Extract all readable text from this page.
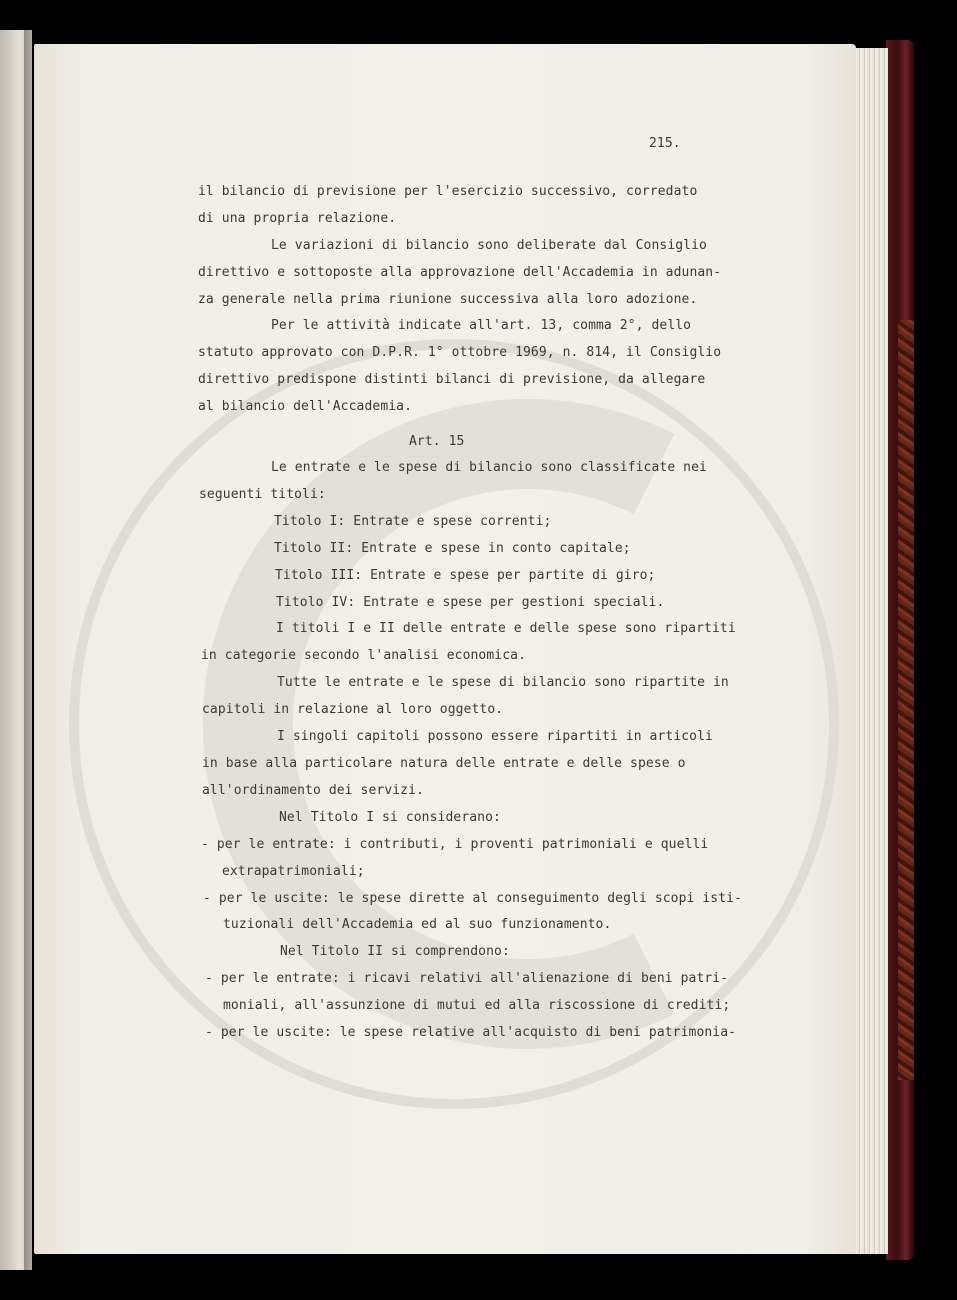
215.
il bilancio di previsione per l'esercizio successivo, corredato
di una propria relazione.
Le variazioni di bilancio sono deliberate dal Consiglio
direttivo e sottoposte alla approvazione dell'Accademia in adunan-
za generale nella prima riunione successiva alla loro adozione.
Per le attività indicate all'art. 13, comma 2°, dello
statuto approvato con D.P.R. 1° ottobre 1969, n. 814, il Consiglio
direttivo predispone distinti bilanci di previsione, da allegare
al bilancio dell'Accademia.
Art. 15
Le entrate e le spese di bilancio sono classificate nei
seguenti titoli:
Titolo I: Entrate e spese correnti;
Titolo II: Entrate e spese in conto capitale;
Titolo III: Entrate e spese per partite di giro;
Titolo IV: Entrate e spese per gestioni speciali.
I titoli I e II delle entrate e delle spese sono ripartiti
in categorie secondo l'analisi economica.
Tutte le entrate e le spese di bilancio sono ripartite in
capitoli in relazione al loro oggetto.
I singoli capitoli possono essere ripartiti in articoli
in base alla particolare natura delle entrate e delle spese o
all'ordinamento dei servizi.
Nel Titolo I si considerano:
- per le entrate: i contributi, i proventi patrimoniali e quelli
extrapatrimoniali;
- per le uscite: le spese dirette al conseguimento degli scopi isti-
tuzionali dell'Accademia ed al suo funzionamento.
Nel Titolo II si comprendono:
- per le entrate: i ricavi relativi all'alienazione di beni patri-
moniali, all'assunzione di mutui ed alla riscossione di crediti;
- per le uscite: le spese relative all'acquisto di beni patrimonia-
